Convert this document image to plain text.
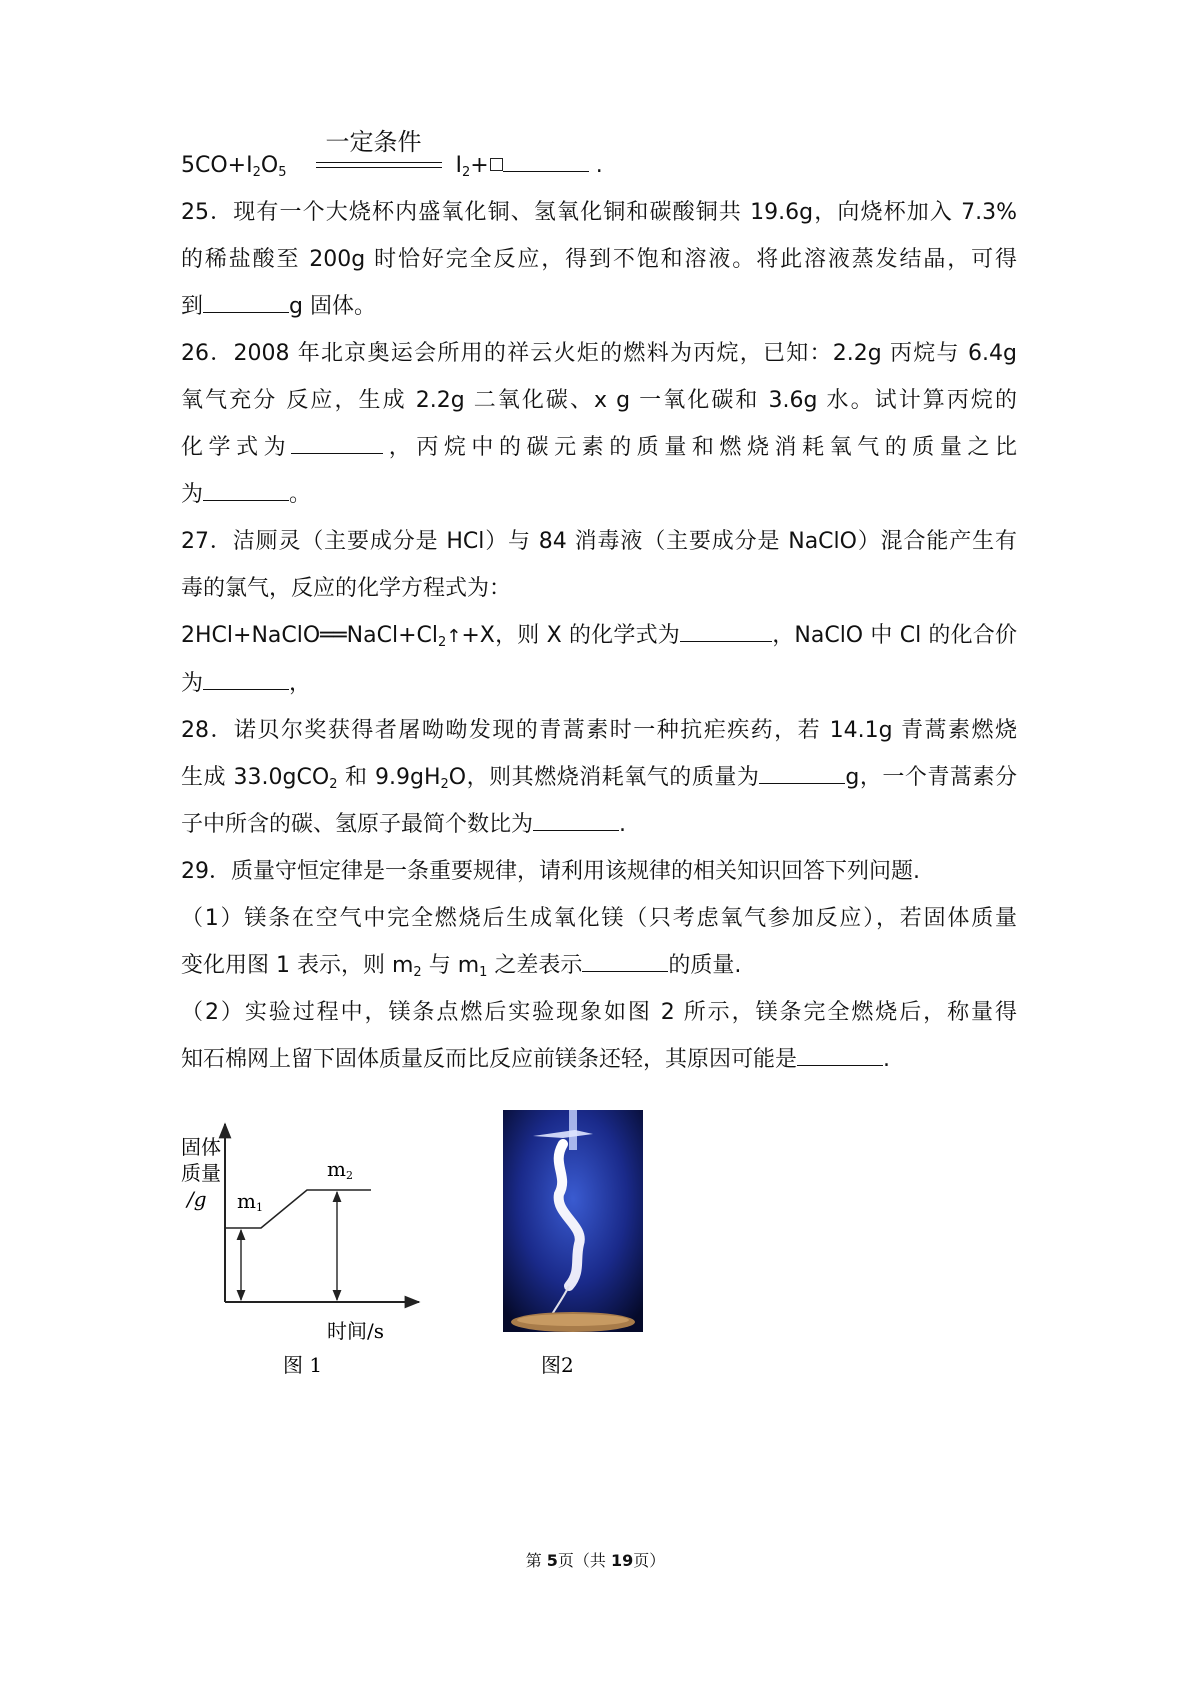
$5CO+I_2O_5$
一定条件
$I_2+$	.
25．现有一个大烧杯内盛氧化铜、氢氧化铜和碳酸铜共 19.6g，向烧杯加入 7.3%
的稀盐酸至 200g 时恰好完全反应，得到不饱和溶液。将此溶液蒸发结晶，可得
到	g 固体。
26．2008 年北京奥运会所用的祥云火炬的燃料为丙烷，已知：2.2g 丙烷与 6.4g
氧气充分 反应，生成 2.2g 二氧化碳、x g 一氧化碳和 3.6g 水。试计算丙烷的
化学式为	，丙烷中的碳元素的质量和燃烧消耗氧气的质量之比
为	。
27．洁厕灵（主要成分是 HCl）与 84 消毒液（主要成分是 NaClO）混合能产生有
毒的氯气，反应的化学方程式为：
$2HCl+NaClO══NaCl+Cl_2↑+X$，则 X 的化学式为	，NaClO 中 Cl 的化合价
为	，
28．诺贝尔奖获得者屠呦呦发现的青蒿素时一种抗疟疾药，若 14.1g 青蒿素燃烧
生成 33.0gCO$_2$ 和 $9.9gH_2O$，则其燃烧消耗氧气的质量为	g，一个青蒿素分
子中所含的碳、氢原子最简个数比为	.
29．质量守恒定律是一条重要规律，请利用该规律的相关知识回答下列问题.
（1）镁条在空气中完全燃烧后生成氧化镁（只考虑氧气参加反应），若固体质量
变化用图 1 表示，则 $m_2$ 与 $m_1$ 之差表示	的质量.
（2）实验过程中，镁条点燃后实验现象如图 2 所示，镁条完全燃烧后，称量得
知石棉网上留下固体质量反而比反应前镁条还轻，其原因可能是	.
固体
质量
/g m1
m2
时间/s
图 1	图2
第 5页（共 19页）
